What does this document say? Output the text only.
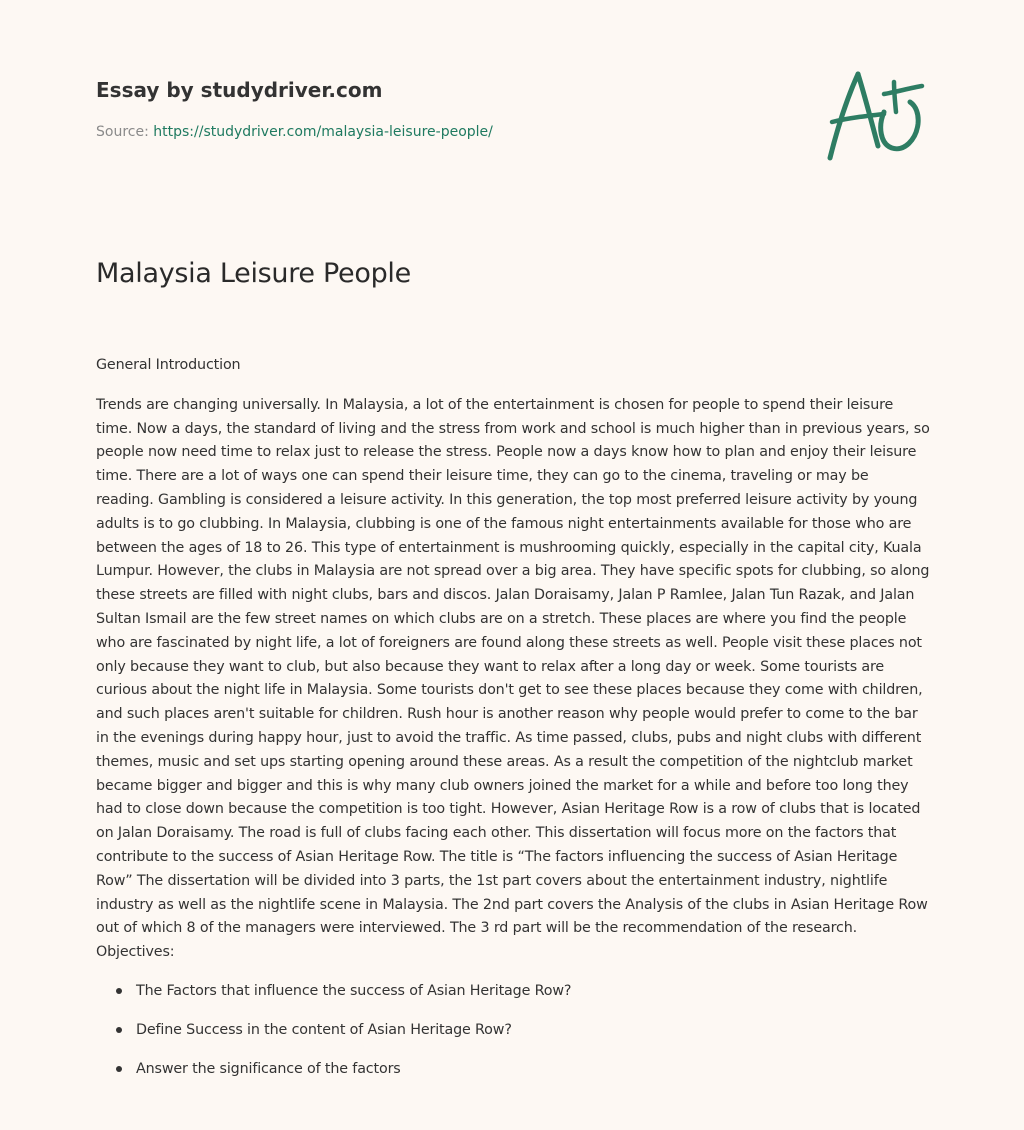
Essay by studydriver.com
Source: https://studydriver.com/malaysia-leisure-people/
Malaysia Leisure People

General Introduction

Trends are changing universally. In Malaysia, a lot of the entertainment is chosen for people to spend their leisure time. Now a days, the standard of living and the stress from work and school is much higher than in previous years, so people now need time to relax just to release the stress. People now a days know how to plan and enjoy their leisure time. There are a lot of ways one can spend their leisure time, they can go to the cinema, traveling or may be reading. Gambling is considered a leisure activity. In this generation, the top most preferred leisure activity by young adults is to go clubbing. In Malaysia, clubbing is one of the famous night entertainments available for those who are between the ages of 18 to 26. This type of entertainment is mushrooming quickly, especially in the capital city, Kuala Lumpur. However, the clubs in Malaysia are not spread over a big area. They have specific spots for clubbing, so along these streets are filled with night clubs, bars and discos. Jalan Doraisamy, Jalan P Ramlee, Jalan Tun Razak, and Jalan Sultan Ismail are the few street names on which clubs are on a stretch. These places are where you find the people who are fascinated by night life, a lot of foreigners are found along these streets as well. People visit these places not only because they want to club, but also because they want to relax after a long day or week. Some tourists are curious about the night life in Malaysia. Some tourists don't get to see these places because they come with children, and such places aren't suitable for children. Rush hour is another reason why people would prefer to come to the bar in the evenings during happy hour, just to avoid the traffic. As time passed, clubs, pubs and night clubs with different themes, music and set ups starting opening around these areas. As a result the competition of the nightclub market became bigger and bigger and this is why many club owners joined the market for a while and before too long they had to close down because the competition is too tight. However, Asian Heritage Row is a row of clubs that is located on Jalan Doraisamy. The road is full of clubs facing each other. This dissertation will focus more on the factors that contribute to the success of Asian Heritage Row. The title is “The factors influencing the success of Asian Heritage Row” The dissertation will be divided into 3 parts, the 1st part covers about the entertainment industry, nightlife industry as well as the nightlife scene in Malaysia. The 2nd part covers the Analysis of the clubs in Asian Heritage Row out of which 8 of the managers were interviewed. The 3 rd part will be the recommendation of the research. Objectives:

The Factors that influence the success of Asian Heritage Row?
Define Success in the content of Asian Heritage Row?
Answer the significance of the factors
